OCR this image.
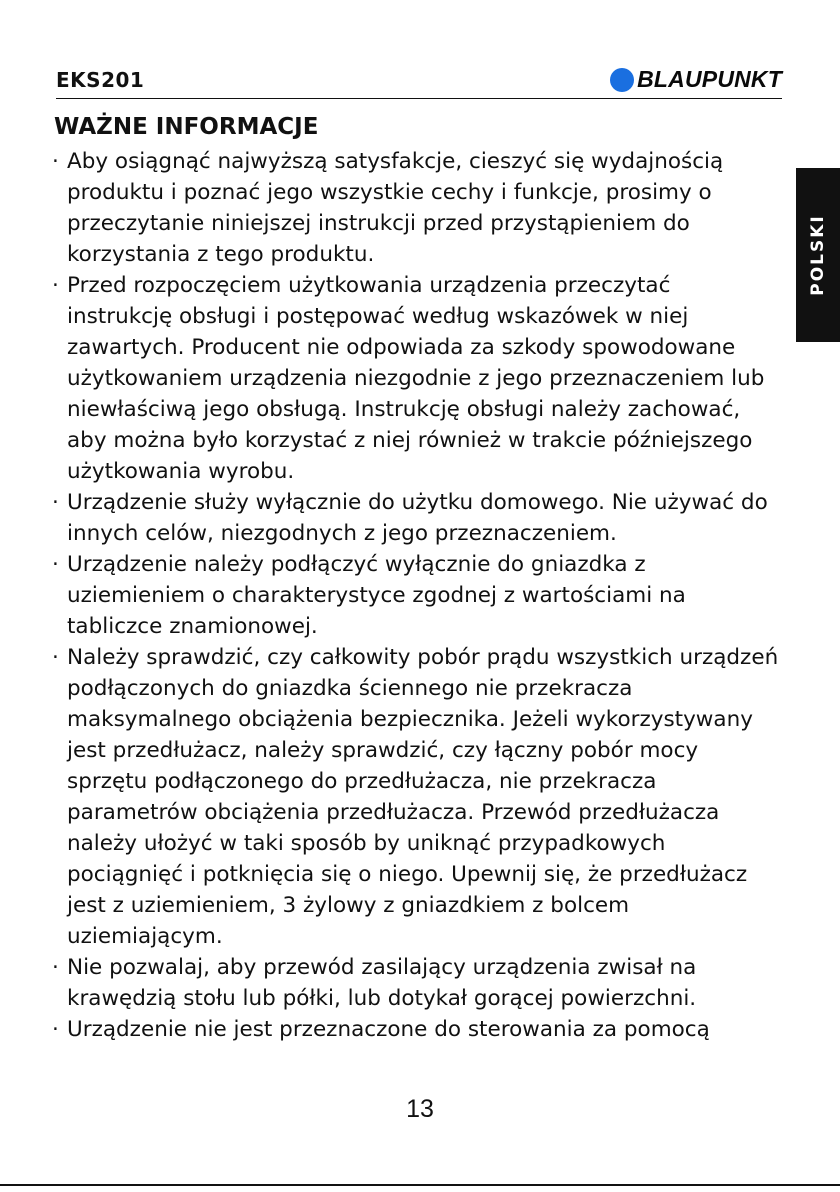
EKS201	BLAUPUNKT
WAŻNE INFORMACJE
· Aby osiągnąć najwyższą satysfakcje, cieszyć się wydajnością produktu i poznać jego wszystkie cechy i funkcje, prosimy o przeczytanie niniejszej instrukcji przed przystąpieniem do korzystania z tego produktu.
· Przed rozpoczęciem użytkowania urządzenia przeczytać instrukcję obsługi i postępować według wskazówek w niej zawartych. Producent nie odpowiada za szkody spowodowane użytkowaniem urządzenia niezgodnie z jego przeznaczeniem lub niewłaściwą jego obsługą. Instrukcję obsługi należy zachować, aby można było korzystać z niej również w trakcie późniejszego użytkowania wyrobu.
· Urządzenie służy wyłącznie do użytku domowego. Nie używać do innych celów, niezgodnych z jego przeznaczeniem.
· Urządzenie należy podłączyć wyłącznie do gniazdka z uziemieniem o charakterystyce zgodnej z wartościami na tabliczce znamionowej.
· Należy sprawdzić, czy całkowity pobór prądu wszystkich urządzeń podłączonych do gniazdka ściennego nie przekracza maksymalnego obciążenia bezpiecznika. Jeżeli wykorzystywany jest przedłużacz, należy sprawdzić, czy łączny pobór mocy sprzętu podłączonego do przedłużacza, nie przekracza parametrów obciążenia przedłużacza. Przewód przedłużacza należy ułożyć w taki sposób by uniknąć przypadkowych pociągnięć i potknięcia się o niego. Upewnij się, że przedłużacz jest z uziemieniem, 3 żylowy z gniazdkiem z bolcem uziemiającym.
· Nie pozwalaj, aby przewód zasilający urządzenia zwisał na krawędzią stołu lub półki, lub dotykał gorącej powierzchni.
· Urządzenie nie jest przeznaczone do sterowania za pomocą
POLSKI
13
